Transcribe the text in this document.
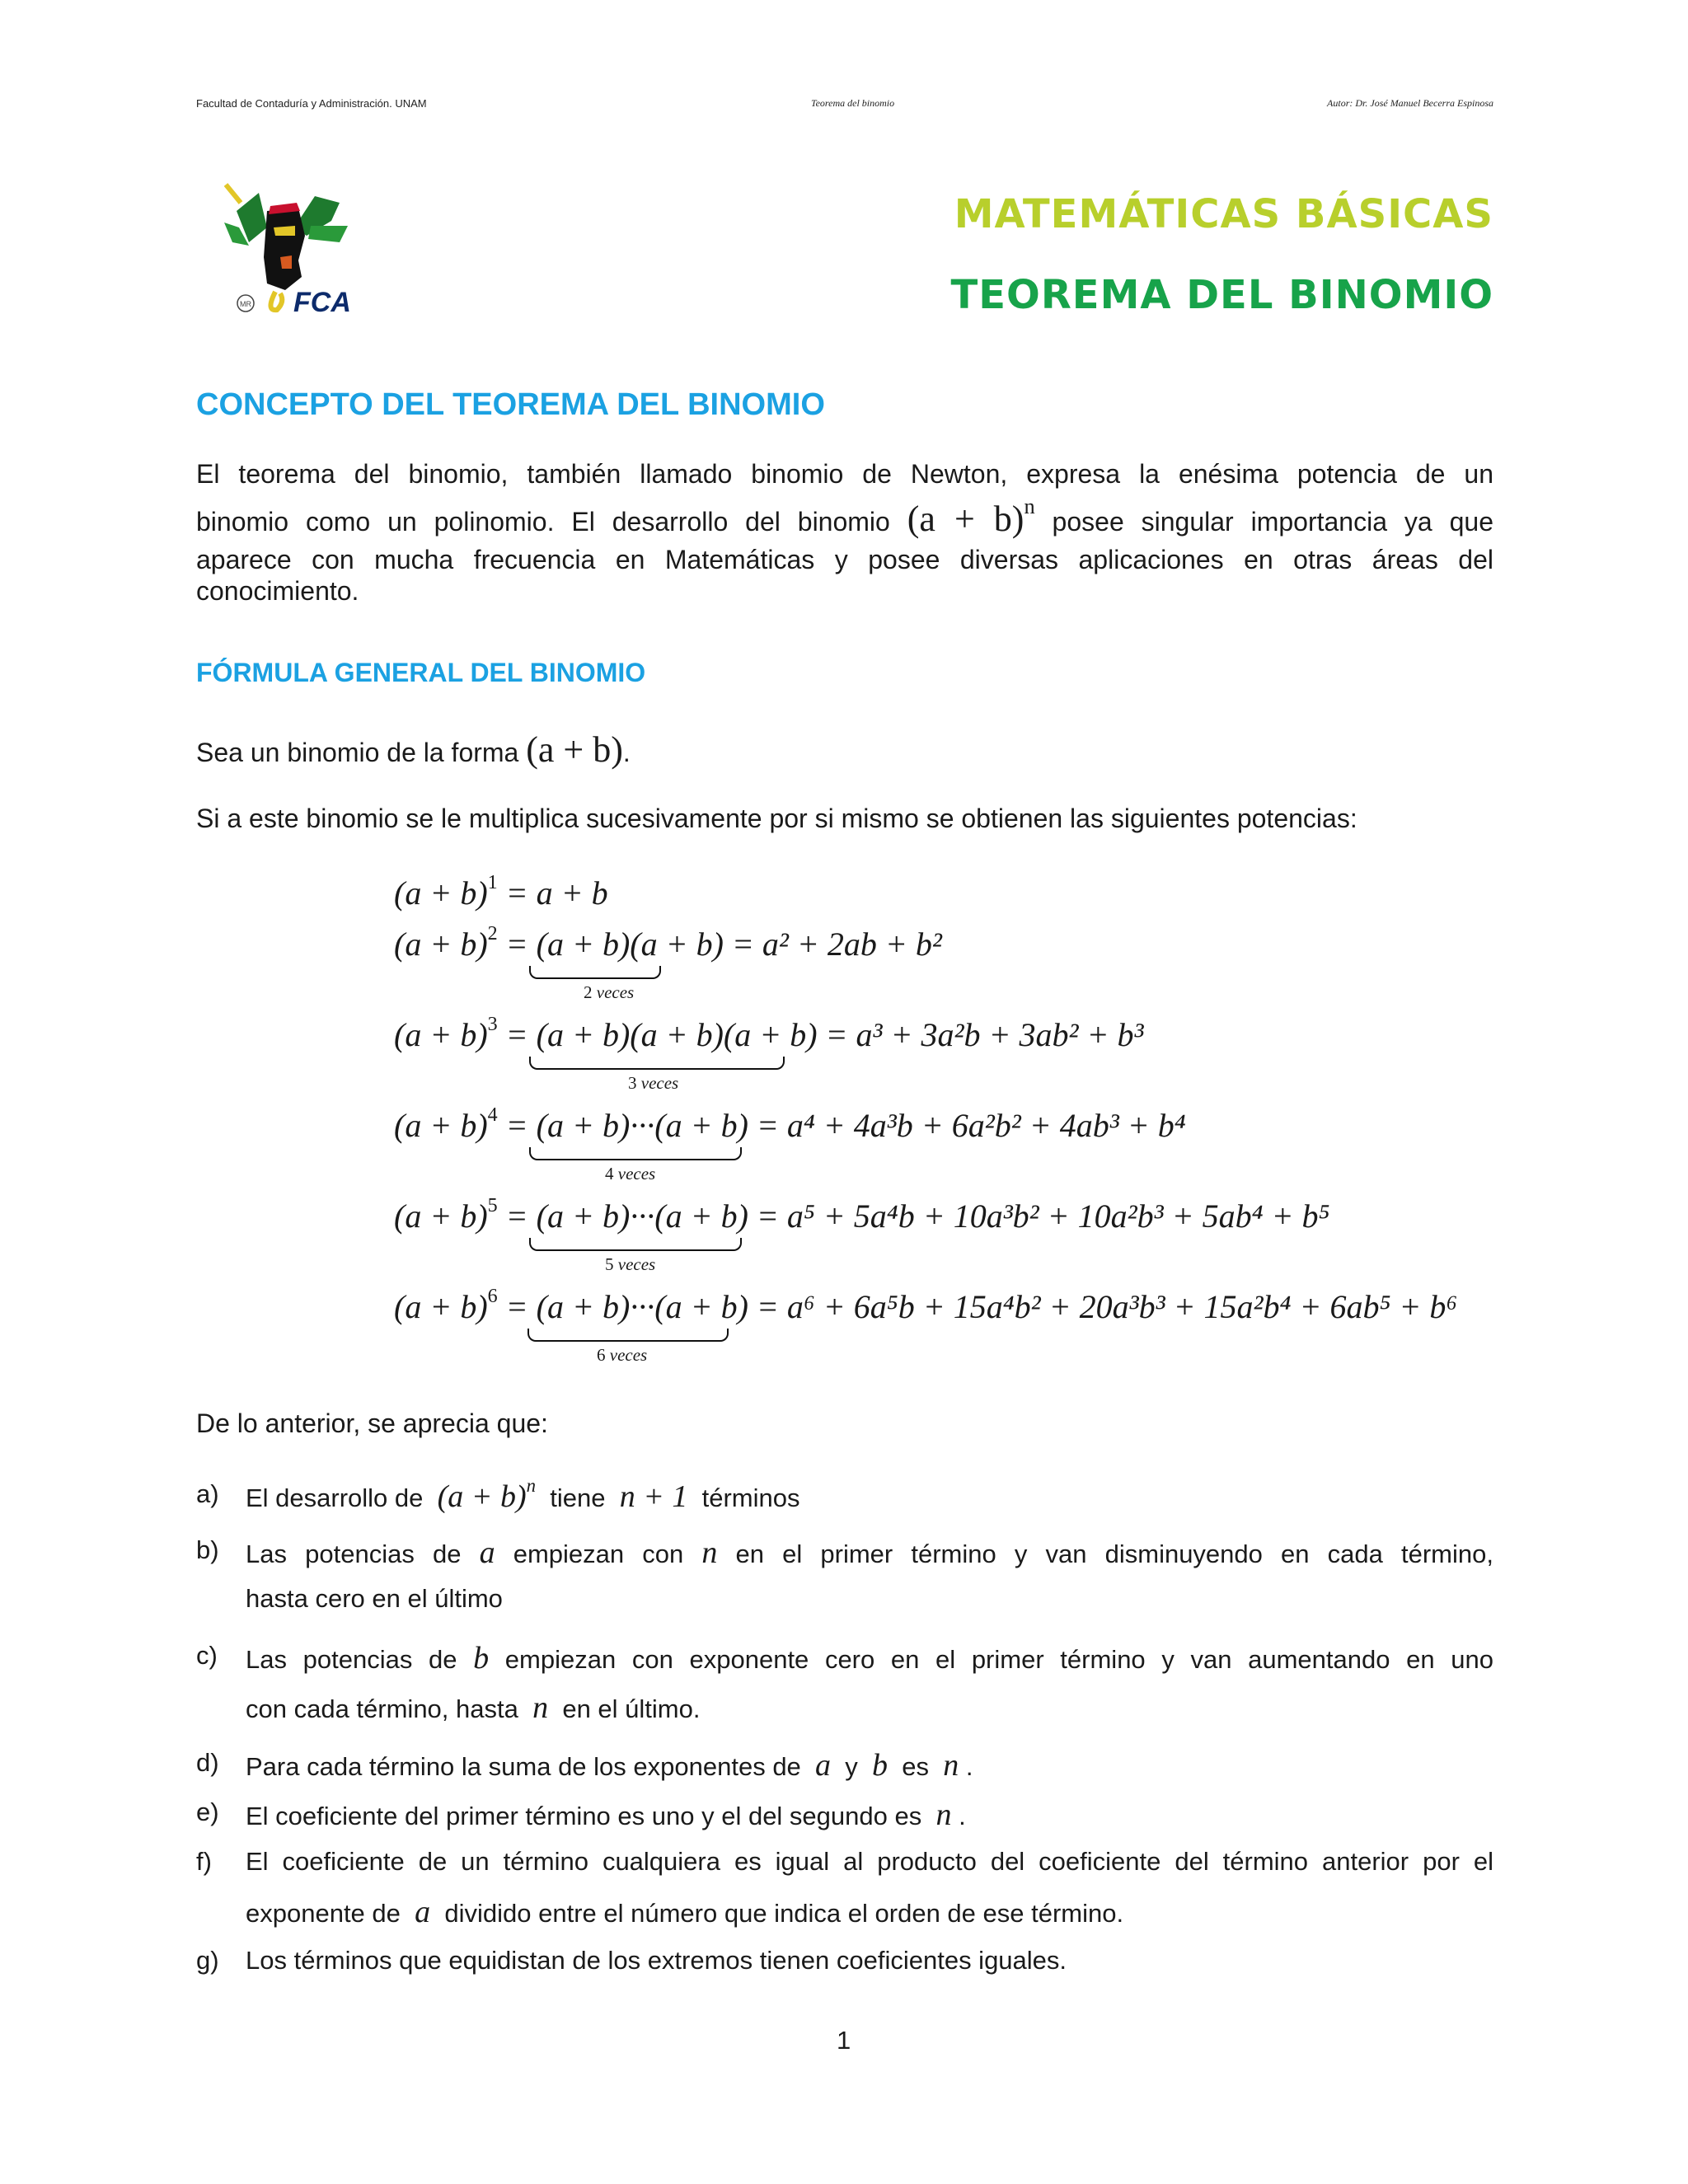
Facultad de Contaduría y Administración. UNAM	Teorema del binomio	Autor: Dr. José Manuel Becerra Espinosa
MR FCA
MATEMÁTICAS BÁSICAS
TEOREMA DEL BINOMIO
CONCEPTO DEL TEOREMA DEL BINOMIO
El teorema del binomio, también llamado binomio de Newton, expresa la enésima potencia de un
binomio como un polinomio. El desarrollo del binomio $(a + b)^n$ posee singular importancia ya que
aparece con mucha frecuencia en Matemáticas y posee diversas aplicaciones en otras áreas del
conocimiento.
FÓRMULA GENERAL DEL BINOMIO
Sea un binomio de la forma (a + b).
Si a este binomio se le multiplica sucesivamente por si mismo se obtienen las siguientes potencias:
$(a + b)^1 = a + b$
$(a + b)^2 = (a + b)(a + b) = a^2 + 2ab + b^2$
2 veces
$(a + b)^3 = (a + b)(a + b)(a + b) = a^3 + 3a^2b + 3ab^2 + b^3$
3 veces
$(a + b)^4 = (a + b)\cdot\cdot\cdot(a + b) = a^4 + 4a^3b + 6a^2b^2 + 4ab^3 + b^4$
4 veces
$(a + b)^5 = (a + b)\cdot\cdot\cdot(a + b) = a^5 + 5a^4b + 10a^3b^2 + 10a^2b^3 + 5ab^4 + b^5$
5 veces
$(a + b)^6 = (a + b)\cdot\cdot\cdot(a + b) = a^6 + 6a^5b + 15a^4b^2 + 20a^3b^3 + 15a^2b^4 + 6ab^5 + b^6$
6 veces
De lo anterior, se aprecia que:
a) El desarrollo de $(a + b)^n$ tiene n + 1 términos
b) Las potencias de a empiezan con n en el primer término y van disminuyendo en cada término,
hasta cero en el último
c) Las potencias de b empiezan con exponente cero en el primer término y van aumentando en uno
con cada término, hasta n en el último.
d) Para cada término la suma de los exponentes de a y b es n .
e) El coeficiente del primer término es uno y el del segundo es n .
f) El coeficiente de un término cualquiera es igual al producto del coeficiente del término anterior por el
exponente de a dividido entre el número que indica el orden de ese término.
g) Los términos que equidistan de los extremos tienen coeficientes iguales.
1
